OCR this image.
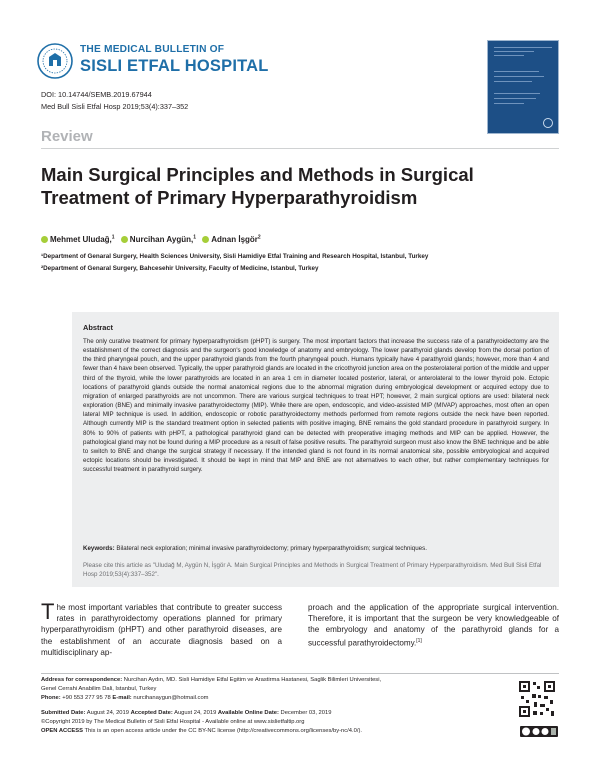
THE MEDICAL BULLETIN OF
SISLI ETFAL HOSPITAL
DOI: 10.14744/SEMB.2019.67944
Med Bull Sisli Etfal Hosp 2019;53(4):337–352
Review
Main Surgical Principles and Methods in Surgical Treatment of Primary Hyperparathyroidism
Mehmet Uludağ,$^1$ Nurcihan Aygün,$^1$ Adnan İşgör$^2$
¹Department of Genaral Surgery, Health Sciences University, Sisli Hamidiye Etfal Training and Research Hospital, Istanbul, Turkey
²Department of Genaral Surgery, Bahcesehir University, Faculty of Medicine, Istanbul, Turkey
Abstract

The only curative treatment for primary hyperparathyroidism (pHPT) is surgery. The most important factors that increase the success rate of a parathyroidectomy are the establishment of the correct diagnosis and the surgeon's good knowledge of anatomy and embryology. The lower parathyroid glands develop from the dorsal portion of the third pharyngeal pouch, and the upper parathyroid glands from the fourth pharyngeal pouch. Humans typically have 4 parathyroid glands; however, more than 4 and fewer than 4 have been observed. Typically, the upper parathyroid glands are located in the cricothyroid junction area on the posterolateral portion of the middle and upper third of the thyroid, while the lower parathyroids are located in an area 1 cm in diameter located posterior, lateral, or anterolateral to the lower thyroid pole. Ectopic locations of parathyroid glands outside the normal anatomical regions due to the abnormal migration during embryological development or acquired ectopy due to migration of enlarged parathyroids are not uncommon. There are various surgical techniques to treat HPT; however, 2 main surgical options are used: bilateral neck exploration (BNE) and minimally invasive parathyroidectomy (MIP). While there are open, endoscopic, and video-assisted MIP (MIVAP) approaches, most often an open lateral MIP technique is used. In addition, endoscopic or robotic parathyroidectomy methods performed from remote regions outside the neck have been reported. Although currently MIP is the standard treatment option in selected patients with positive imaging, BNE remains the gold standard procedure in parathyroid surgery. In 80% to 90% of patients with pHPT, a pathological parathyroid gland can be detected with preoperative imaging methods and MIP can be applied. However, the pathological gland may not be found during a MIP procedure as a result of false positive results. The parathyroid surgeon must also know the BNE technique and be able to switch to BNE and change the surgical strategy if necessary. If the intended gland is not found in its normal anatomical site, possible embryological and acquired ectopic locations should be investigated. It should be kept in mind that MIP and BNE are not alternatives to each other, but rather complementary techniques for successful treatment in parathyroid surgery.

Keywords: Bilateral neck exploration; minimal invasive parathyroidectomy; primary hyperparathyroidism; surgical techniques.

Please cite this article as "Uludağ M, Aygün N, İşgör A. Main Surgical Principles and Methods in Surgical Treatment of Primary Hyperparathyroidism. Med Bull Sisli Etfal Hosp 2019;53(4):337–352".

The most important variables that contribute to greater success rates in parathyroidectomy operations planned for primary hyperparathyroidism (pHPT) and other parathyroid diseases, are the establishment of an accurate diagnosis based on a multidisciplinary ap-
proach and the application of the appropriate surgical intervention. Therefore, it is important that the surgeon be very knowledgeable of the embryology and anatomy of the parathyroid glands for a successful parathyroidectomy.[1]
Address for correspondence: Nurcihan Aydın, MD. Sisli Hamidiye Etfal Egitim ve Arastirma Hastanesi, Saglik Bilimleri Universitesi,
Genel Cerrahi Anabilim Dali, Istanbul, Turkey
Phone: +90 553 277 95 78 E-mail: nurcihanaygun@hotmail.com
Submitted Date: August 24, 2019 Accepted Date: August 24, 2019 Available Online Date: December 03, 2019
©Copyright 2019 by The Medical Bulletin of Sisli Etfal Hospital - Available online at www.sislietfaltip.org
OPEN ACCESS This is an open access article under the CC BY-NC license (http://creativecommons.org/licenses/by-nc/4.0/).
